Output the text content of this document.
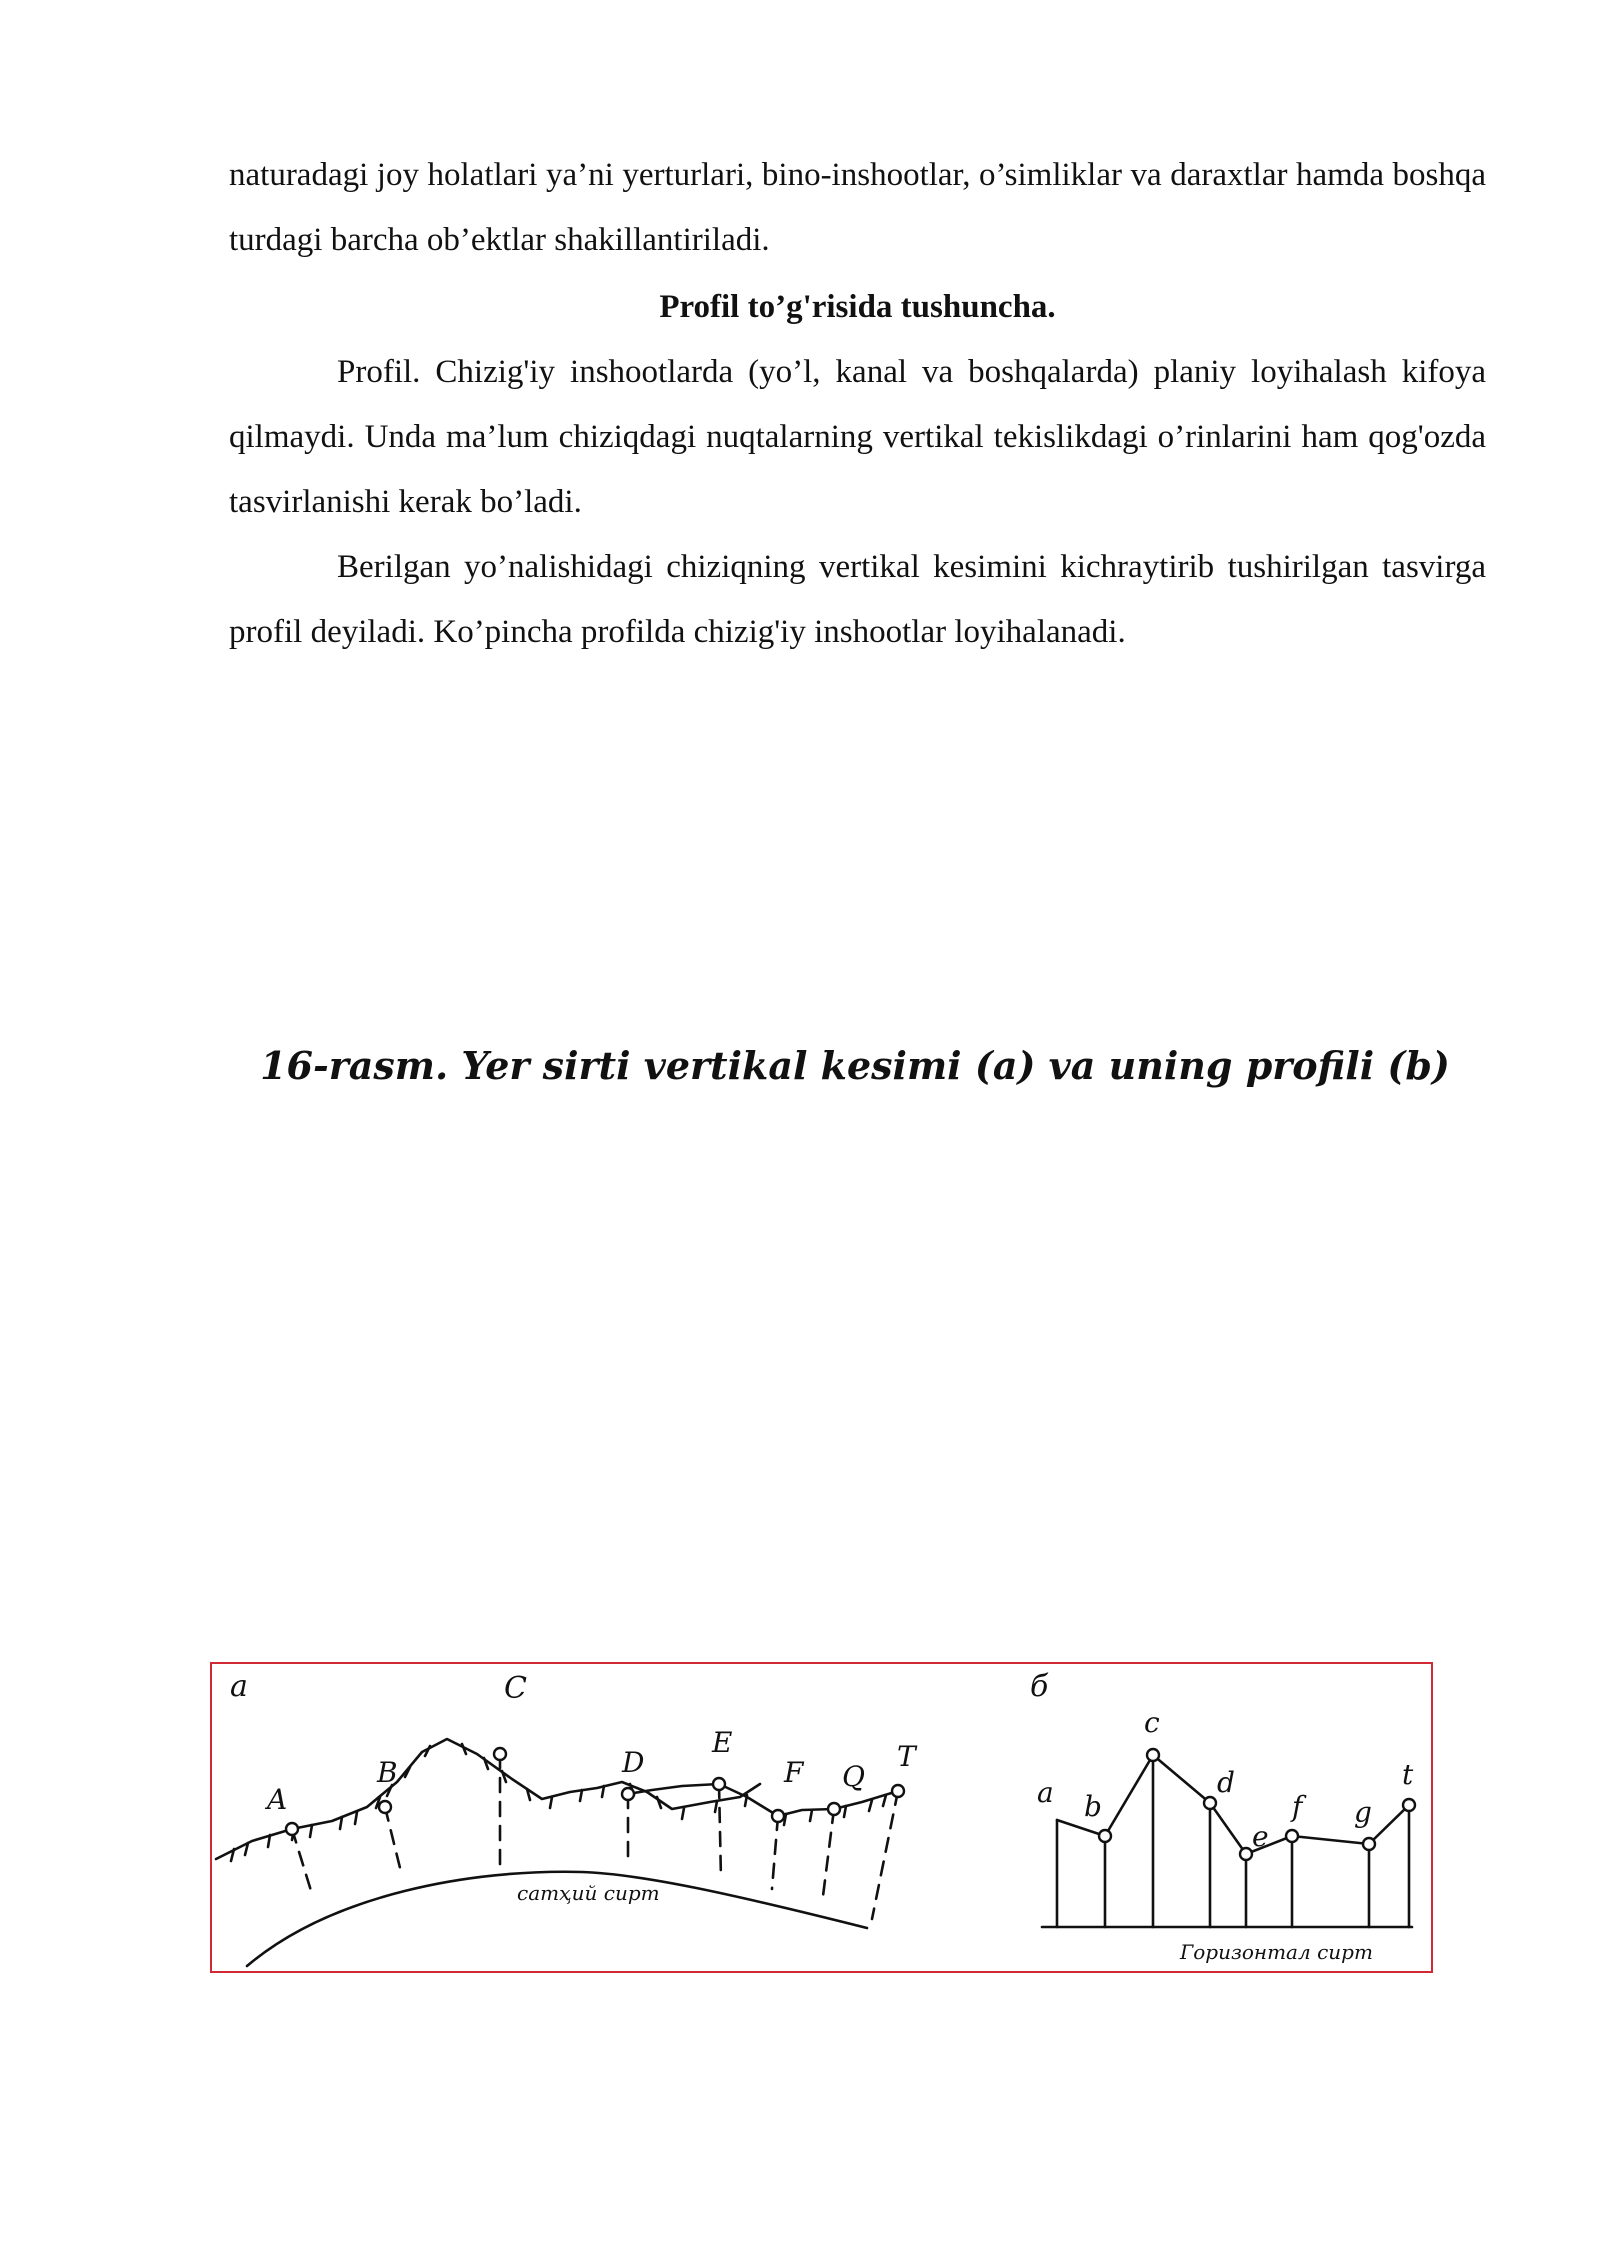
naturadagi joy holatlari ya’ni yerturlari, bino-inshootlar, o’simliklar va daraxtlar hamda boshqa turdagi barcha ob’ektlar shakillantiriladi.

Profil to’g'risida tushuncha.

Profil. Chizig'iy inshootlarda (yo’l, kanal va boshqalarda) planiy loyihalash kifoya qilmaydi. Unda ma’lum chiziqdagi nuqtalarning vertikal tekislikdagi o’rinlarini ham qog'ozda tasvirlanishi kerak bo’ladi.

Berilgan yo’nalishidagi chiziqning vertikal kesimini kichraytirib tushirilgan tasvirga profil deyiladi. Ko’pincha profilda chizig'iy inshootlar loyihalanadi.

16-rasm. Yer sirti vertikal kesimi (a) va uning profili (b)

a
A
B
C
D
E
F Q
T
сатҳий сирт
б
a b
c
d
e
f g
t
Горизонтал сирт
